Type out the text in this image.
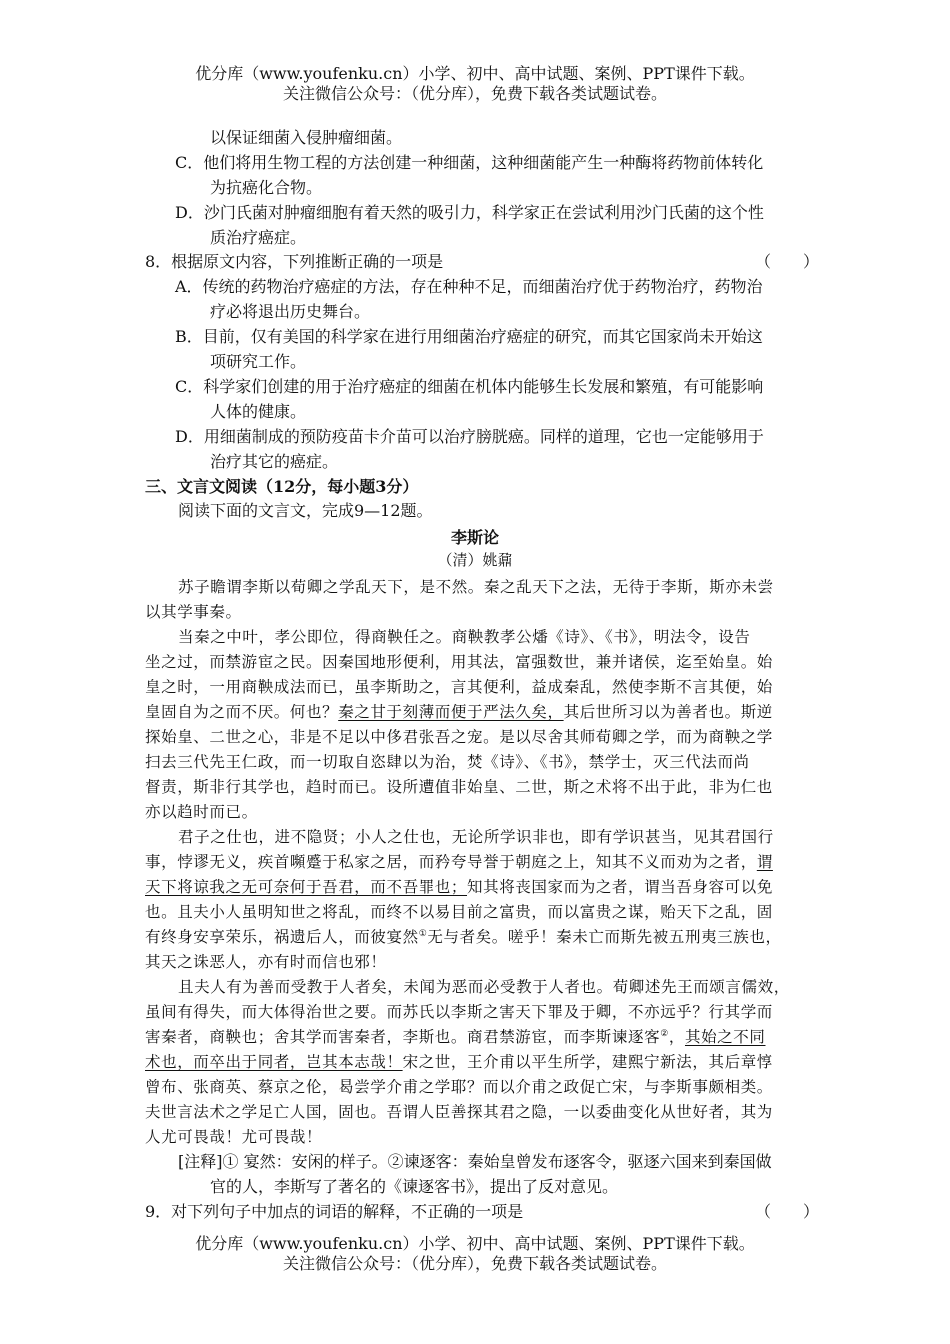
优分库（www.youfenku.cn）小学、初中、高中试题、案例、PPT课件下载。
关注微信公众号：（优分库），免费下载各类试题试卷。
以保证细菌入侵肿瘤细菌。
C．他们将用生物工程的方法创建一种细菌，这种细菌能产生一种酶将药物前体转化
为抗癌化合物。
D．沙门氏菌对肿瘤细胞有着天然的吸引力，科学家正在尝试利用沙门氏菌的这个性
质治疗癌症。
8．根据原文内容，下列推断正确的一项是	（　　）
A．传统的药物治疗癌症的方法，存在种种不足，而细菌治疗优于药物治疗，药物治
疗必将退出历史舞台。
B．目前，仅有美国的科学家在进行用细菌治疗癌症的研究，而其它国家尚未开始这
项研究工作。
C．科学家们创建的用于治疗癌症的细菌在机体内能够生长发展和繁殖，有可能影响
人体的健康。
D．用细菌制成的预防疫苗卡介苗可以治疗膀胱癌。同样的道理，它也一定能够用于
治疗其它的癌症。
三、文言文阅读（12分，每小题3分）
阅读下面的文言文，完成9—12题。
李斯论
（清）姚鼐
苏子瞻谓李斯以荀卿之学乱天下，是不然。秦之乱天下之法，无待于李斯，斯亦未尝
以其学事秦。
当秦之中叶，孝公即位，得商鞅任之。商鞅教孝公燔《诗》、《书》，明法令，设告
坐之过，而禁游宦之民。因秦国地形便利，用其法，富强数世，兼并诸侯，迄至始皇。始
皇之时，一用商鞅成法而已，虽李斯助之，言其便利，益成秦乱，然使李斯不言其便，始
皇固自为之而不厌。何也？秦之甘于刻薄而便于严法久矣，其后世所习以为善者也。斯逆
探始皇、二世之心，非是不足以中侈君张吾之宠。是以尽舍其师荀卿之学，而为商鞅之学
扫去三代先王仁政，而一切取自恣肆以为治，焚《诗》、《书》，禁学士，灭三代法而尚
督责，斯非行其学也，趋时而已。设所遭值非始皇、二世，斯之术将不出于此，非为仁也
亦以趋时而已。
君子之仕也，进不隐贤；小人之仕也，无论所学识非也，即有学识甚当，见其君国行
事，悖谬无义，疾首嚬蹙于私家之居，而矜夸导誉于朝庭之上，知其不义而劝为之者，谓
天下将谅我之无可奈何于吾君，而不吾罪也；知其将丧国家而为之者，谓当吾身容可以免
也。且夫小人虽明知世之将乱，而终不以易目前之富贵，而以富贵之谋，贻天下之乱，固
有终身安享荣乐，祸遗后人，而彼宴然①无与者矣。嗟乎！秦未亡而斯先被五刑夷三族也，
其天之诛恶人，亦有时而信也邪！
且夫人有为善而受教于人者矣，未闻为恶而必受教于人者也。荀卿述先王而颂言儒效，
虽间有得失，而大体得治世之要。而苏氏以李斯之害天下罪及于卿，不亦远乎？行其学而
害秦者，商鞅也；舍其学而害秦者，李斯也。商君禁游宦，而李斯谏逐客②，其始之不同
术也，而卒出于同者，岂其本志哉！宋之世，王介甫以平生所学，建熙宁新法，其后章惇
曾布、张商英、蔡京之伦，曷尝学介甫之学耶？而以介甫之政促亡宋，与李斯事颇相类。
夫世言法术之学足亡人国，固也。吾谓人臣善探其君之隐，一以委曲变化从世好者，其为
人尤可畏哉！尤可畏哉！
[注释]① 宴然：安闲的样子。②谏逐客：秦始皇曾发布逐客令，驱逐六国来到秦国做
官的人，李斯写了著名的《谏逐客书》，提出了反对意见。
9．对下列句子中加点的词语的解释，不正确的一项是	（　　）
优分库（www.youfenku.cn）小学、初中、高中试题、案例、PPT课件下载。
关注微信公众号：（优分库），免费下载各类试题试卷。
